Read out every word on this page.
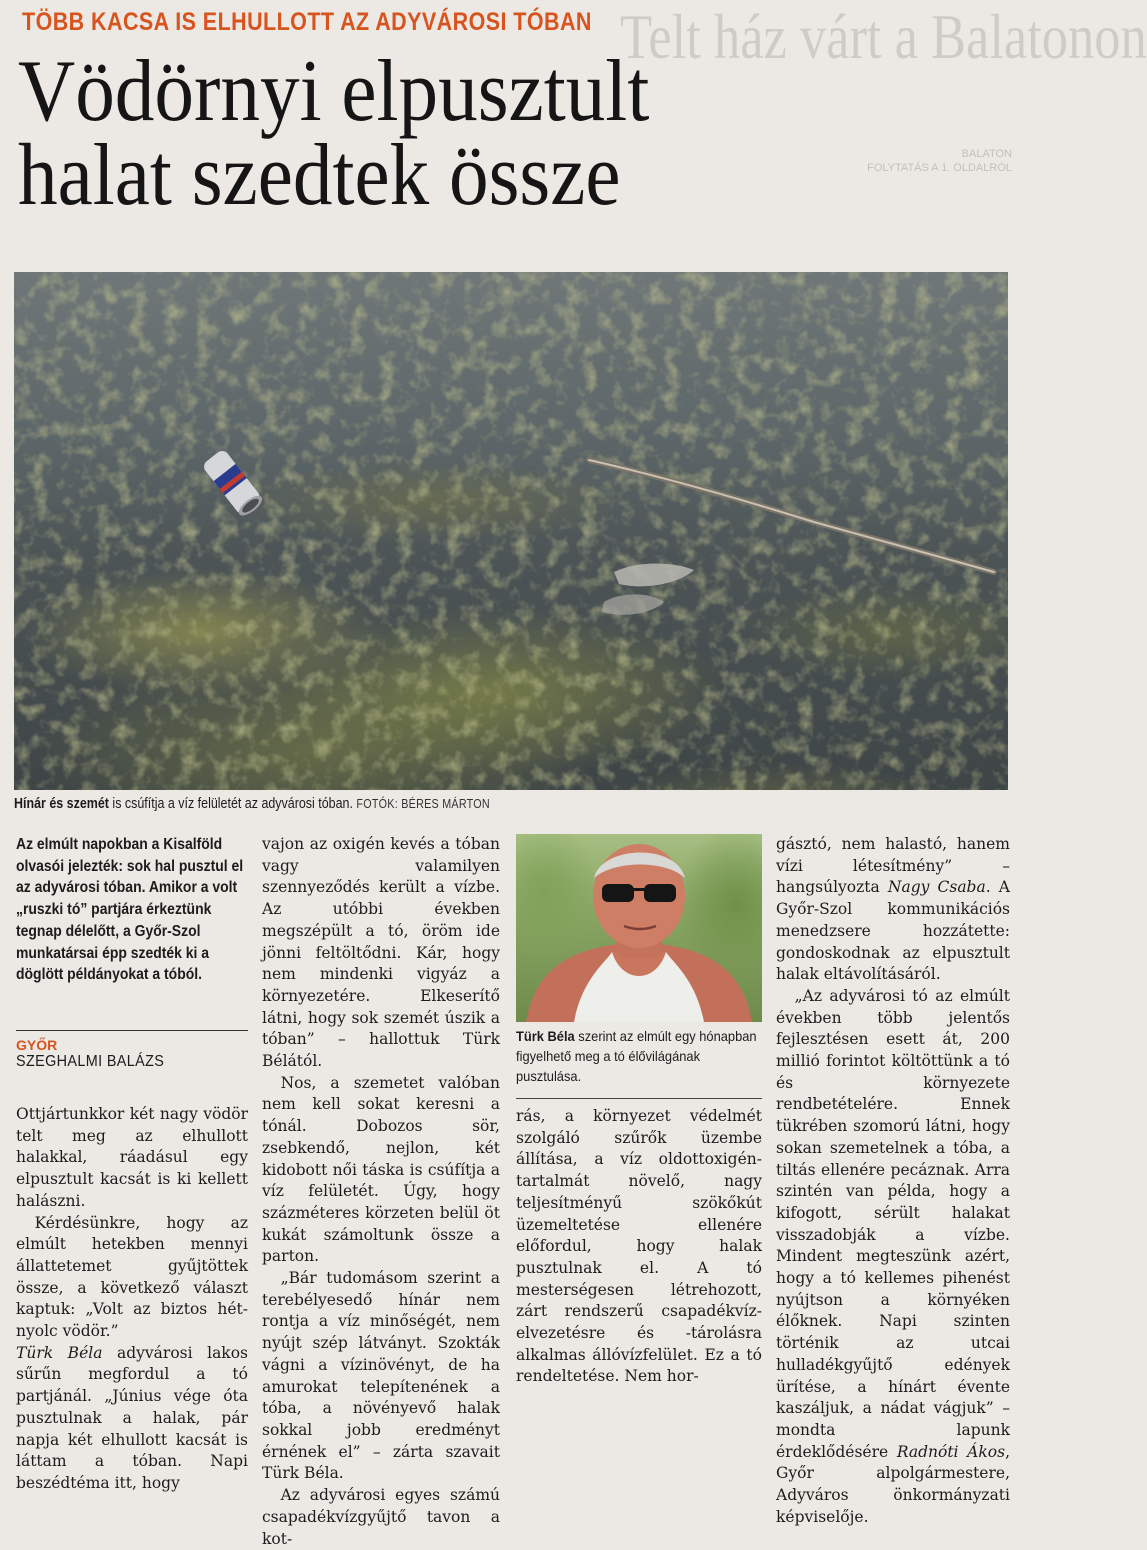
Telt ház várt a Balatonon
BALATON
FOLYTATÁS A 1. OLDALRÓL
TÖBB KACSA IS ELHULLOTT AZ ADYVÁROSI TÓBAN
Vödörnyi elpusztult
halat szedtek össze
Hínár és szemét is csúfítja a víz felületét az adyvárosi tóban. FOTÓK: BÉRES MÁRTON

Az elmúlt napokban a Kisalföld olvasói jelezték: sok hal pusztul el az adyvárosi tóban. Amikor a volt „ruszki tó” partjára érkeztünk tegnap délelőtt, a Győr-Szol munkatársai épp szedték ki a döglött példányokat a tóból.

GYŐR
SZEGHALMI BALÁZS

Ottjártunkkor két nagy vödör telt meg az elhullott halakkal, ráadásul egy elpusztult kacsát is ki kellett halászni.

Kérdésünkre, hogy az elmúlt hetekben mennyi állattetemet gyűjtöttek össze, a következő választ kaptuk: „Volt az biztos hét-nyolc vödör.”

Türk Béla adyvárosi lakos sűrűn megfordul a tó partjánál. „Június vége óta pusztulnak a halak, pár napja két elhullott kacsát is láttam a tóban. Napi beszédtéma itt, hogy

vajon az oxigén kevés a tóban vagy valamilyen szennyeződés került a vízbe. Az utóbbi években megszépült a tó, öröm ide jönni feltöltődni. Kár, hogy nem mindenki vigyáz a környezetére. Elkeserítő látni, hogy sok szemét úszik a tóban” – hallottuk Türk Bélától.

Nos, a szemetet valóban nem kell sokat keresni a tónál. Dobozos sör, zsebkendő, nejlon, két kidobott női táska is csúfítja a víz felületét. Úgy, hogy százméteres körzeten belül öt kukát számoltunk össze a parton.

„Bár tudomásom szerint a terebélyesedő hínár nem rontja a víz minőségét, nem nyújt szép látványt. Szokták vágni a vízinövényt, de ha amurokat telepítenének a tóba, a növényevő halak sokkal jobb eredményt érnének el” – zárta szavait Türk Béla.

Az adyvárosi egyes számú csapadékvízgyűjtő tavon a kot-

Türk Béla szerint az elmúlt egy hónapban figyelhető meg a tó élővilágának pusztulása.

rás, a környezet védelmét szolgáló szűrők üzembe állítása, a víz oldottoxigén-tartalmát növelő, nagy teljesítményű szökőkút üzemeltetése ellenére előfordul, hogy halak pusztulnak el. A tó mesterségesen létrehozott, zárt rendszerű csapadékvíz-elvezetésre és -tárolásra alkalmas állóvízfelület. Ez a tó rendeltetése. Nem hor-

gásztó, nem halastó, hanem vízi létesítmény” – hangsúlyozta Nagy Csaba. A Győr-Szol kommunikációs menedzsere hozzátette: gondoskodnak az elpusztult halak eltávolításáról.

„Az adyvárosi tó az elmúlt években több jelentős fejlesztésen esett át, 200 millió forintot költöttünk a tó és környezete rendbetételére. Ennek tükrében szomorú látni, hogy sokan szemetelnek a tóba, a tiltás ellenére pecáznak. Arra szintén van példa, hogy a kifogott, sérült halakat visszadobják a vízbe. Mindent megteszünk azért, hogy a tó kellemes pihenést nyújtson a környéken élőknek. Napi szinten történik az utcai hulladékgyűjtő edények ürítése, a hínárt évente kaszáljuk, a nádat vágjuk” – mondta lapunk érdeklődésére Radnóti Ákos, Győr alpolgármestere, Adyváros önkormányzati képviselője.
